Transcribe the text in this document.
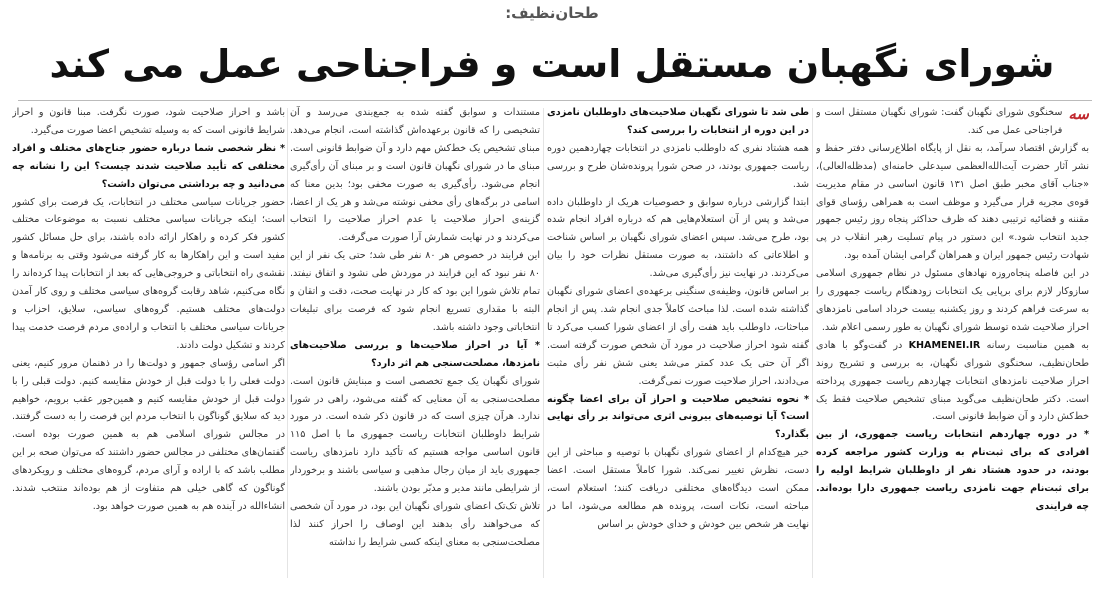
طحان‌نظیف:
شورای نگهبان مستقل است و فراجناحی عمل می کند
سه

سخنگوی شورای نگهبان گفت: شورای نگهبان مستقل است و فراجناحی عمل می کند.

به گزارش اقتصاد سرآمد، به نقل از پایگاه اطلاع‌رسانی دفتر حفظ و نشر آثار حضرت آیت‌الله‌العظمی سیدعلی خامنه‌ای (مدظله‌العالی)، «جناب آقای مخبر طبق اصل ۱۳۱ قانون اساسی در مقام مدیریت قوه‌ی مجریه قرار می‌گیرد و موظف است به همراهی رؤسای قوای مقننه و قضائیه ترتیبی دهند که ظرف حداکثر پنجاه روز رئیس جمهور جدید انتخاب شود.» این دستور در پیام تسلیت رهبر انقلاب در پی شهادت رئیس جمهور ایران و همراهان گرامی ایشان آمده بود.

در این فاصله پنجاه‌روزه نهادهای مسئول در نظام جمهوری اسلامی سازوکار لازم برای برپایی یک انتخابات زودهنگام ریاست جمهوری را به سرعت فراهم کردند و روز یکشنبه بیست خرداد اسامی نامزدهای احراز صلاحیت شده توسط شورای نگهبان به طور رسمی اعلام شد.

به همین مناسبت رسانه KHAMENEI.IR در گفت‌وگو با هادی طحان‌نظیف، سخنگوی شورای نگهبان، به بررسی و تشریح روند احراز صلاحیت نامزدهای انتخابات چهاردهم ریاست جمهوری پرداخته است. دکتر طحان‌نظیف می‌گوید مبنای تشخیص صلاحیت فقط یک خط‌کش دارد و آن ضوابط قانونی است.

* در دوره چهاردهم انتخابات ریاست جمهوری، از بین افرادی که برای ثبت‌نام به وزارت کشور مراجعه کرده بودند، در حدود هشتاد نفر از داوطلبان شرایط اولیه را برای ثبت‌نام جهت نامزدی ریاست جمهوری دارا بوده‌اند. چه فرایندی

طی شد تا شورای نگهبان صلاحیت‌های داوطلبان نامزدی در این دوره از انتخابات را بررسی کند؟

همه هشتاد نفری که داوطلب نامزدی در انتخابات چهاردهمین دوره ریاست جمهوری بودند، در صحن شورا پرونده‌شان طرح و بررسی شد.

ابتدا گزارشی درباره سوابق و خصوصیات هریک از داوطلبان داده می‌شد و پس از آن استعلام‌هایی هم که درباره افراد انجام شده بود، طرح می‌شد. سپس اعضای شورای نگهبان بر اساس شناخت و اطلاعاتی که داشتند، به صورت مستقل نظرات خود را بیان می‌کردند. در نهایت نیز رأی‌گیری می‌شد.

بر اساس قانون، وظیفه‌ی سنگینی برعهده‌ی اعضای شورای نگهبان گذاشته شده است. لذا مباحث کاملاً جدی انجام شد. پس از انجام مباحثات، داوطلب باید هفت رأی از اعضای شورا کسب می‌کرد تا گفته شود احراز صلاحیت در مورد آن شخص صورت گرفته است. اگر آن حتی یک عدد کمتر می‌شد یعنی شش نفر رأی مثبت می‌دادند، احراز صلاحیت صورت نمی‌گرفت.

* نحوه تشخیص صلاحیت و احراز آن برای اعضا چگونه است؟ آیا توصیه‌های بیرونی اثری می‌تواند بر رأی نهایی بگذارد؟

خیر هیچ‌کدام از اعضای شورای نگهبان با توصیه و مباحثی از این دست، نظرش تغییر نمی‌کند. شورا کاملاً مستقل است. اعضا ممکن است دیدگاه‌های مختلفی دریافت کنند؛ استعلام است، مباحثه است، نکات است، پرونده هم مطالعه می‌شود، اما در نهایت هر شخص بین خودش و خدای خودش بر اساس

مستندات و سوابق گفته شده به جمع‌بندی می‌رسد و آن تشخیصی را که قانون برعهده‌اش گذاشته است، انجام می‌دهد. مبنای تشخیص یک خط‌کش مهم دارد و آن ضوابط قانونی است. مبنای ما در شورای نگهبان قانون است و بر مبنای آن رأی‌گیری انجام می‌شود. رأی‌گیری به صورت مخفی بود؛ بدین معنا که اسامی در برگه‌های رأی مخفی نوشته می‌شد و هر یک از اعضا، گزینه‌ی احراز صلاحیت یا عدم احراز صلاحیت را انتخاب می‌کردند و در نهایت شمارش آرا صورت می‌گرفت.

این فرایند در خصوص هر ۸۰ نفر طی شد؛ حتی یک نفر از این ۸۰ نفر نبود که این فرایند در موردش طی نشود و اتفاق نیفتد. تمام تلاش شورا این بود که کار در نهایت صحت، دقت و اتقان و البته با مقداری تسریع انجام شود که فرصت برای تبلیغات انتخاباتی وجود داشته باشد.

* آیا در احراز صلاحیت‌ها و بررسی صلاحیت‌های نامزدها، مصلحت‌سنجی هم اثر دارد؟

شورای نگهبان یک جمع تخصصی است و مبنایش قانون است. مصلحت‌سنجی به آن معنایی که گفته می‌شود، راهی در شورا ندارد. هرآن چیزی است که در قانون ذکر شده است. در مورد شرایط داوطلبان انتخابات ریاست جمهوری ما با اصل ۱۱۵ قانون اساسی مواجه هستیم که تأکید دارد نامزدهای ریاست جمهوری باید از میان رجال مذهبی و سیاسی باشند و برخوردار از شرایطی مانند مدیر و مدبّر بودن باشند.

تلاش تک‌تک اعضای شورای نگهبان این بود، در مورد آن شخصی که می‌خواهند رأی بدهند این اوصاف را احراز کنند لذا مصلحت‌سنجی به معنای اینکه کسی شرایط را نداشته

باشد و احراز صلاحیت شود، صورت نگرفت. مبنا قانون و احراز شرایط قانونی است که به وسیله تشخیص اعضا صورت می‌گیرد.

* نظر شخصی شما درباره حضور جناح‌های مختلف و افراد مختلفی که تأیید صلاحیت شدند چیست؟ این را نشانه چه می‌دانید و چه برداشتی می‌توان داشت؟

حضور جریانات سیاسی مختلف در انتخابات، یک فرصت برای کشور است؛ اینکه جریانات سیاسی مختلف نسبت به موضوعات مختلف کشور فکر کرده و راهکار ارائه داده باشند، برای حل مسائل کشور مفید است و این راهکارها به کار گرفته می‌شود وقتی به برنامه‌ها و نقشه‌ی راه انتخاباتی و خروجی‌هایی که بعد از انتخابات پیدا کرده‌اند را نگاه می‌کنیم، شاهد رقابت گروه‌های سیاسی مختلف و روی کار آمدن دولت‌های مختلف هستیم. گروه‌های سیاسی، سلایق، احزاب و جریانات سیاسی مختلف با انتخاب و اراده‌ی مردم فرصت خدمت پیدا کردند و تشکیل دولت دادند.

اگر اسامی رؤسای جمهور و دولت‌ها را در ذهنمان مرور کنیم، یعنی دولت فعلی را با دولت قبل از خودش مقایسه کنیم. دولت قبلی را با دولت قبل از خودش مقایسه کنیم و همین‌جور عقب برویم، خواهیم دید که سلایق گوناگون با انتخاب مردم این فرصت را به دست گرفتند. در مجالس شورای اسلامی هم به همین صورت بوده است. گفتمان‌های مختلفی در مجالس حضور داشتند که می‌توان صحه بر این مطلب باشد که با اراده و آرای مردم، گروه‌های مختلف و رویکردهای گوناگون که گاهی خیلی هم متفاوت از هم بوده‌اند منتخب شدند. انشاءالله در آینده هم به همین صورت خواهد بود.
